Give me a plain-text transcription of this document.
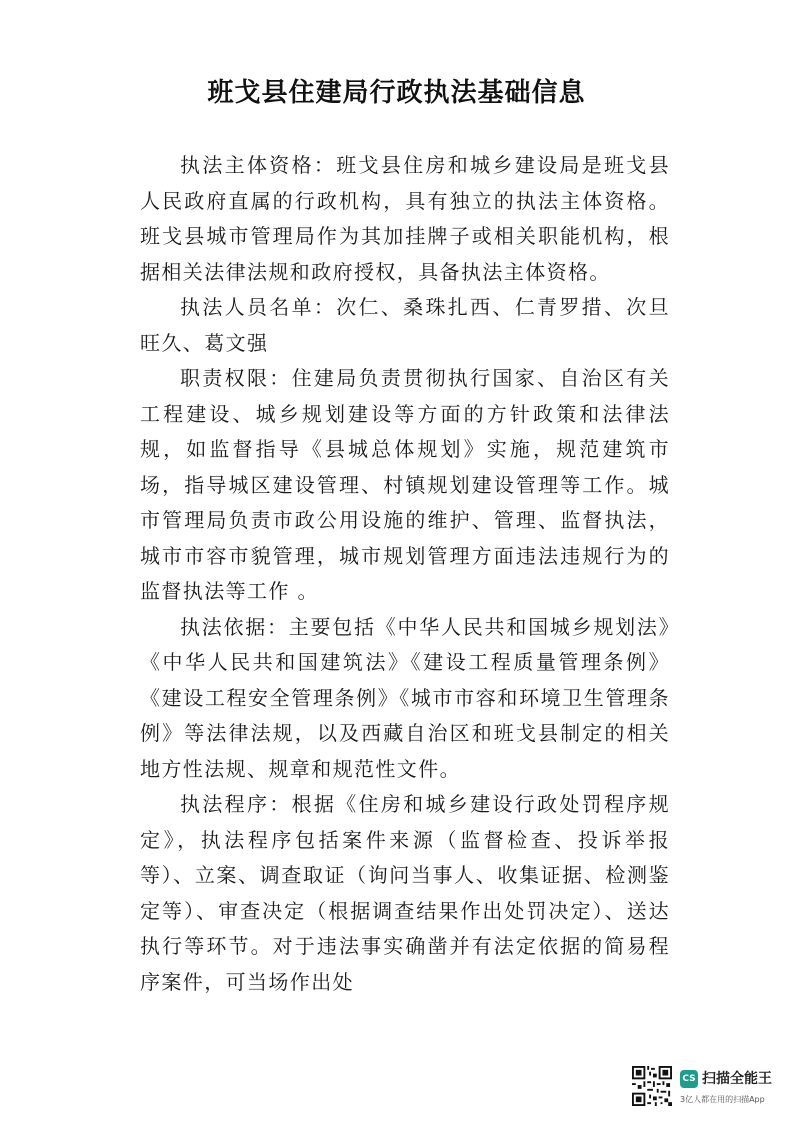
班戈县住建局行政执法基础信息

执法主体资格：班戈县住房和城乡建设局是班戈县人民政府直属的行政机构，具有独立的执法主体资格。班戈县城市管理局作为其加挂牌子或相关职能机构，根据相关法律法规和政府授权，具备执法主体资格。

执法人员名单：次仁、桑珠扎西、仁青罗措、次旦旺久、葛文强

职责权限：住建局负责贯彻执行国家、自治区有关工程建设、城乡规划建设等方面的方针政策和法律法规，如监督指导《县城总体规划》实施，规范建筑市场，指导城区建设管理、村镇规划建设管理等工作。城市管理局负责市政公用设施的维护、管理、监督执法，城市市容市貌管理，城市规划管理方面违法违规行为的监督执法等工作 。

执法依据：主要包括《中华人民共和国城乡规划法》《中华人民共和国建筑法》《建设工程质量管理条例》《建设工程安全管理条例》《城市市容和环境卫生管理条例》等法律法规，以及西藏自治区和班戈县制定的相关地方性法规、规章和规范性文件。

执法程序：根据《住房和城乡建设行政处罚程序规定》，执法程序包括案件来源（监督检查、投诉举报等）、立案、调查取证（询问当事人、收集证据、检测鉴定等）、审查决定（根据调查结果作出处罚决定）、送达执行等环节。对于违法事实确凿并有法定依据的简易程序案件，可当场作出处

CS 扫描全能王
3亿人都在用的扫描App
